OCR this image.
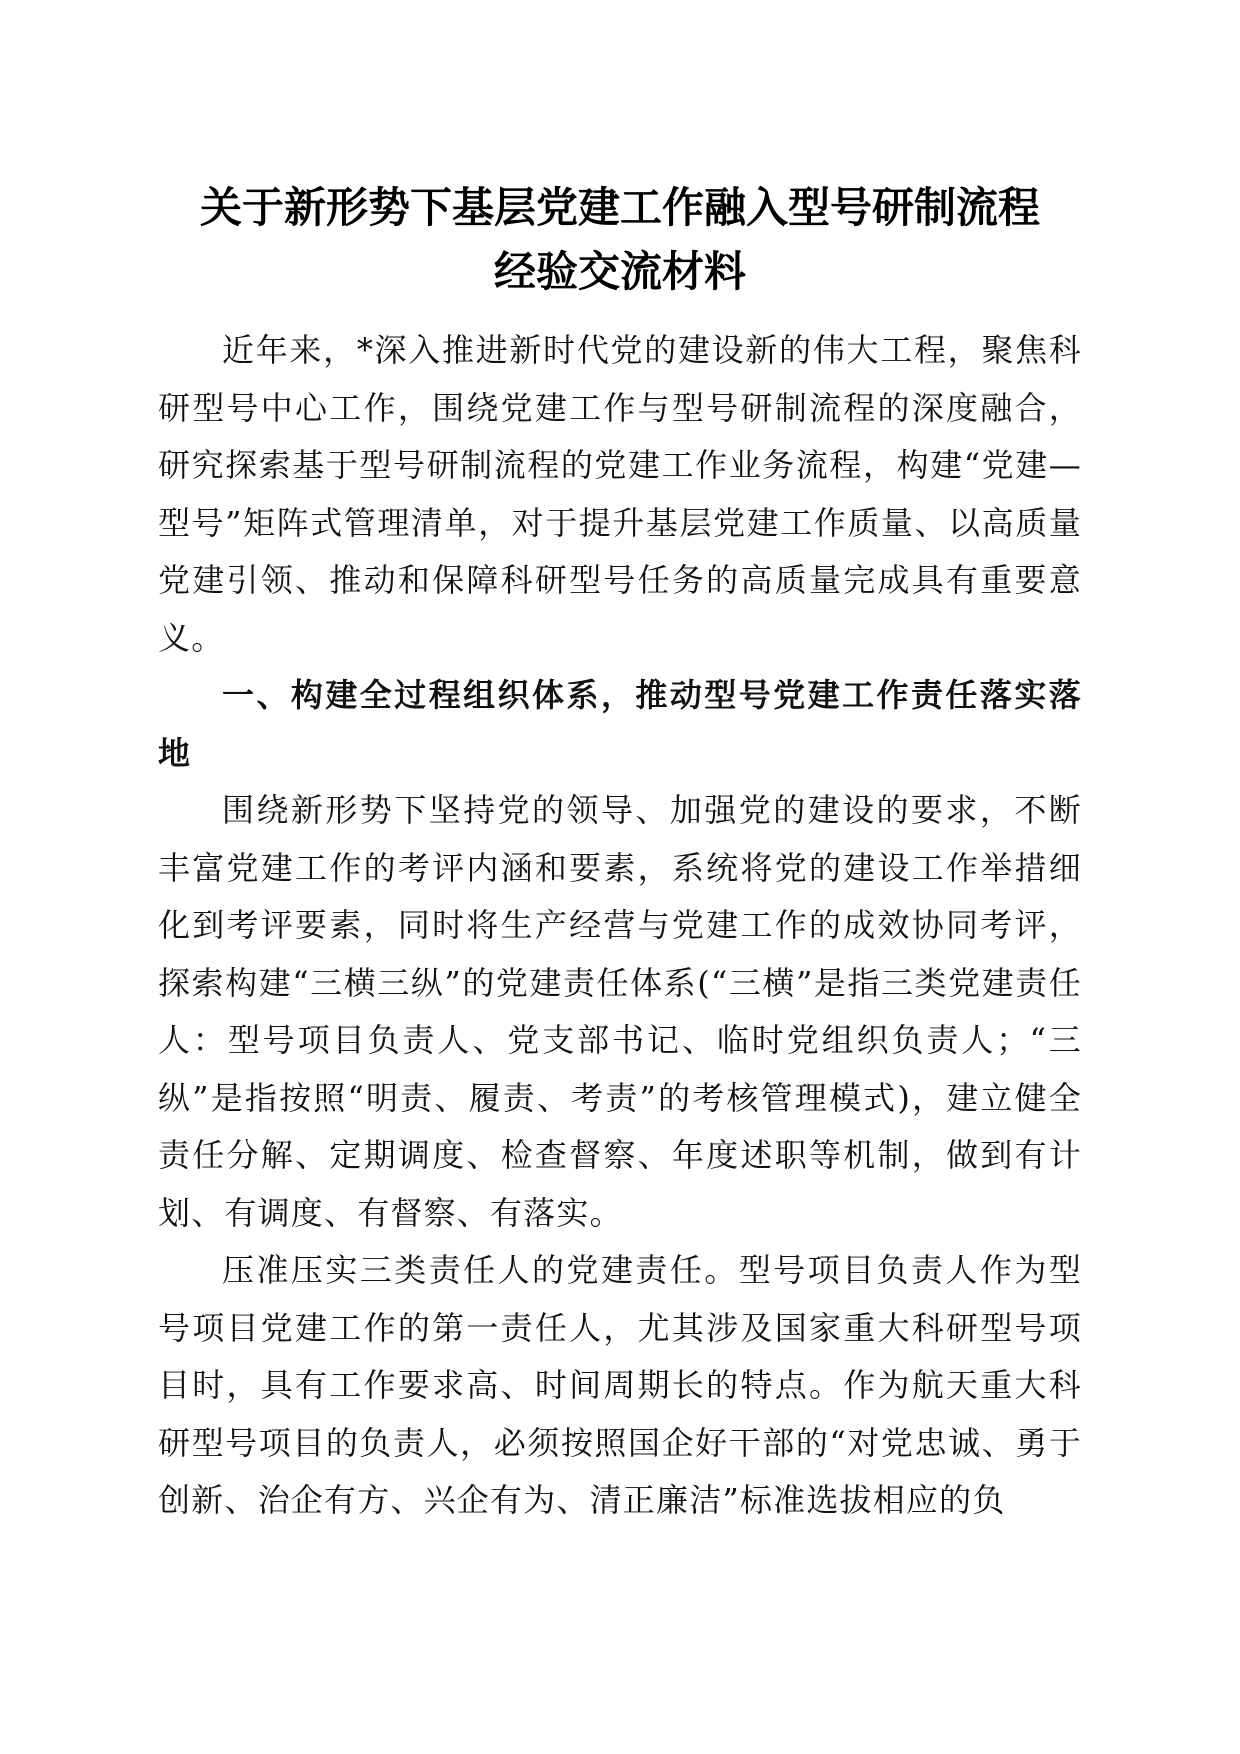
关于新形势下基层党建工作融入型号研制流程
经验交流材料

近年来，*深入推进新时代党的建设新的伟大工程，聚焦科研型号中心工作，围绕党建工作与型号研制流程的深度融合，研究探索基于型号研制流程的党建工作业务流程，构建“党建—型号”矩阵式管理清单，对于提升基层党建工作质量、以高质量党建引领、推动和保障科研型号任务的高质量完成具有重要意义。

一、构建全过程组织体系，推动型号党建工作责任落实落地

围绕新形势下坚持党的领导、加强党的建设的要求，不断丰富党建工作的考评内涵和要素，系统将党的建设工作举措细化到考评要素，同时将生产经营与党建工作的成效协同考评，探索构建“三横三纵”的党建责任体系(“三横”是指三类党建责任人：型号项目负责人、党支部书记、临时党组织负责人；“三纵”是指按照“明责、履责、考责”的考核管理模式)，建立健全责任分解、定期调度、检查督察、年度述职等机制，做到有计划、有调度、有督察、有落实。

压准压实三类责任人的党建责任。型号项目负责人作为型号项目党建工作的第一责任人，尤其涉及国家重大科研型号项目时，具有工作要求高、时间周期长的特点。作为航天重大科研型号项目的负责人，必须按照国企好干部的“对党忠诚、勇于创新、治企有方、兴企有为、清正廉洁”标准选拔相应的负
